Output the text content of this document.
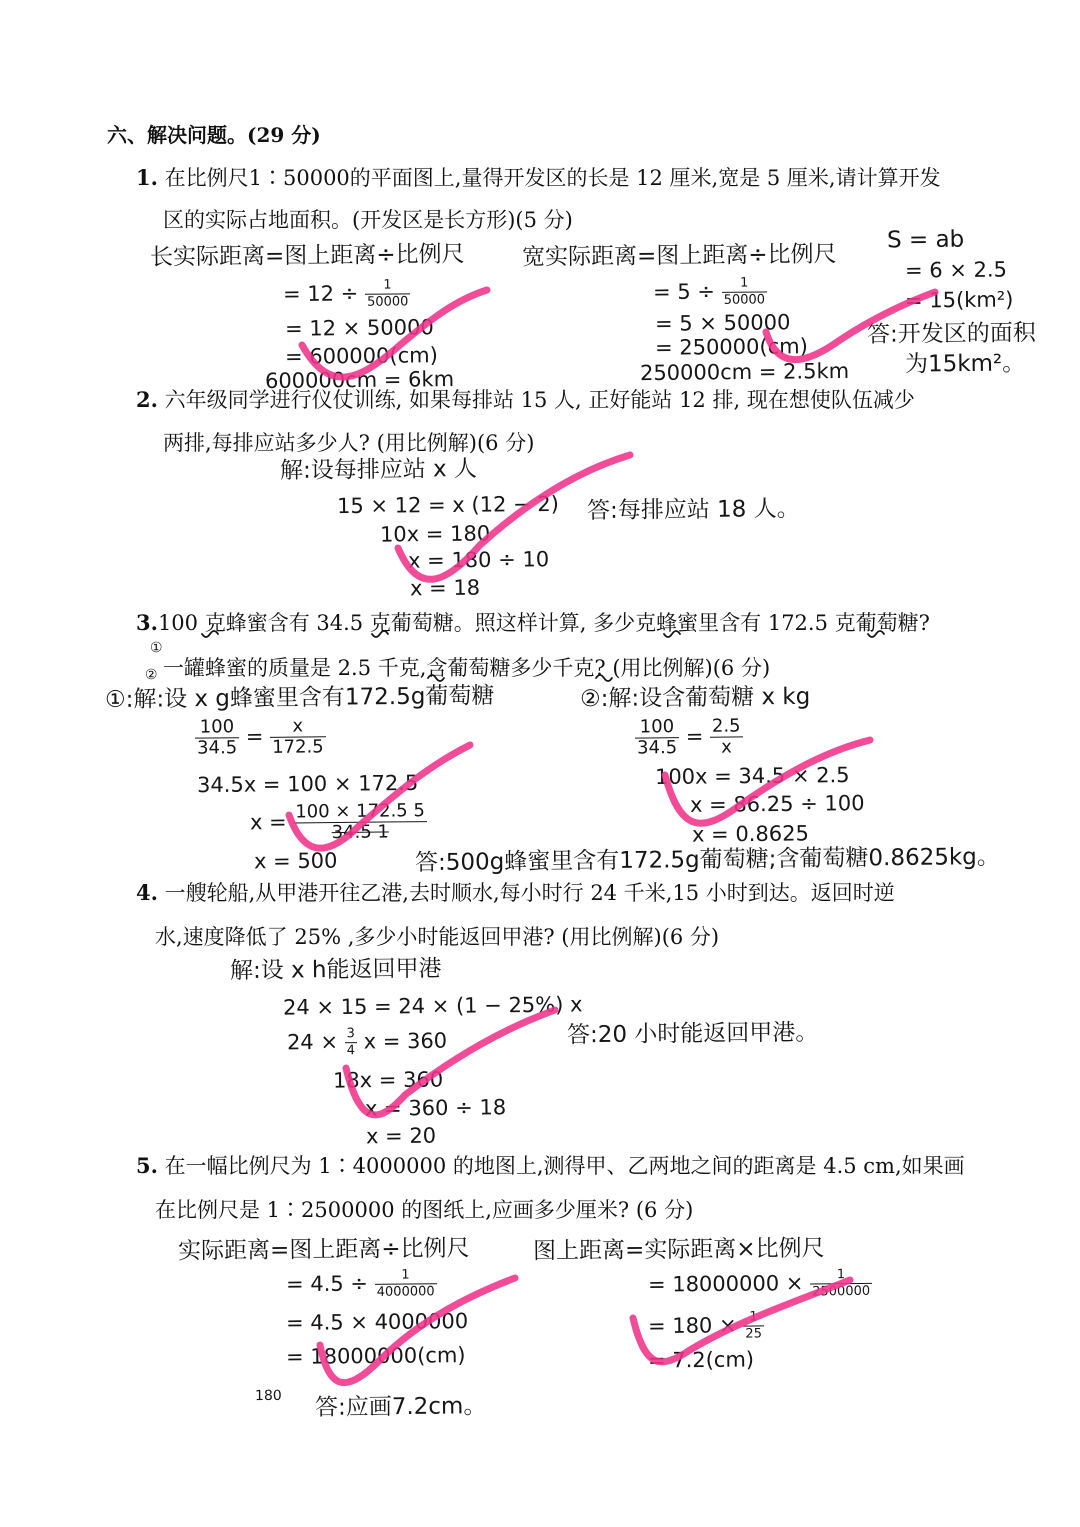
六、解决问题。(29 分)
1. 在比例尺1∶50000的平面图上,量得开发区的长是 12 厘米,宽是 5 厘米,请计算开发
区的实际占地面积。(开发区是长方形)(5 分)
2. 六年级同学进行仪仗训练, 如果每排站 15 人, 正好能站 12 排, 现在想使队伍减少
两排,每排应站多少人? (用比例解)(6 分)
3.100 克蜂蜜含有 34.5 克葡萄糖。照这样计算, 多少克蜂蜜里含有 172.5 克葡萄糖?
①
② 一罐蜂蜜的质量是 2.5 千克,含葡萄糖多少千克? (用比例解)(6 分)
4. 一艘轮船,从甲港开往乙港,去时顺水,每小时行 24 千米,15 小时到达。返回时逆
水,速度降低了 25% ,多少小时能返回甲港? (用比例解)(6 分)
5. 在一幅比例尺为 1∶4000000 的地图上,测得甲、乙两地之间的距离是 4.5 cm,如果画
在比例尺是 1∶2500000 的图纸上,应画多少厘米? (6 分)
长实际距离=图上距离÷比例尺
= $12 \div \frac{1}{50000}$
= 12 × 50000
= 600000(cm)
600000cm = 6km
宽实际距离=图上距离÷比例尺
= $5 \div \frac{1}{50000}$
= 5 × 50000
= 250000(cm)
250000cm = 2.5km
S = ab
= 6 × 2.5
= 15(km²)
答:开发区的面积
为15km²。
解:设每排应站 x 人
15 × 12 = x (12 − 2)
10x = 180
x = 180 ÷ 10
x = 18
答:每排应站 18 人。
①:解:设 x g蜂蜜里含有172.5g葡萄糖
$\frac{100}{34.5} = \frac{x}{172.5}$
34.5x = 100 × 172.5
$x = \frac{100 \times 172.5 5}{34.5 1}$
x = 500
②:解:设含葡萄糖 x kg
$\frac{100}{34.5} = \frac{2.5}{x}$
100x = 34.5 × 2.5
x = 86.25 ÷ 100
x = 0.8625
答:500g蜂蜜里含有172.5g葡萄糖;含葡萄糖0.8625kg。
解:设 x h能返回甲港
24 × 15 = 24 × (1 − 25%) x
$24 \times \frac{3}{4}$ x = 360
18x = 360
x = 360 ÷ 18
x = 20
答:20 小时能返回甲港。
实际距离=图上距离÷比例尺
= $4.5 \div \frac{1}{4000000}$
= 4.5 × 4000000
= 18000000(cm)
180 答:应画7.2cm。
图上距离=实际距离×比例尺
= $18000000 \times \frac{1}{2500000}$
= $180 \times \frac{1}{25}$
= 7.2(cm)
